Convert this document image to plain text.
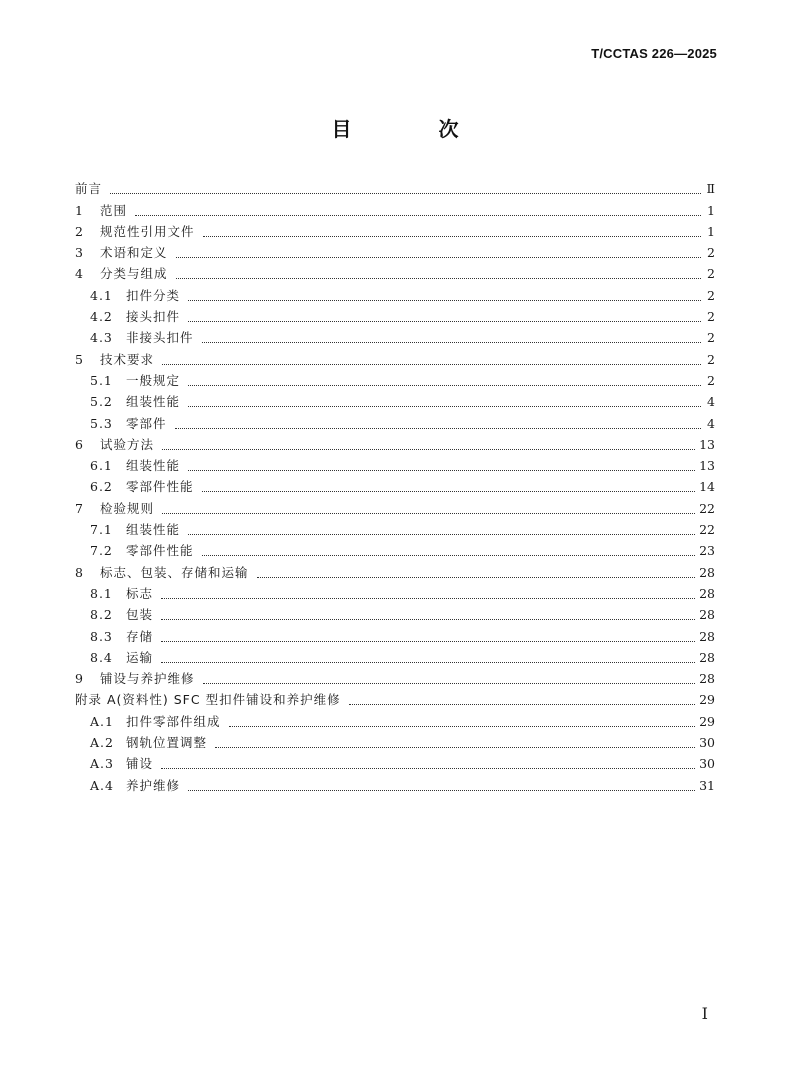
T/CCTAS 226—2025
目 次
前言	Ⅱ
1	范围	1
2	规范性引用文件	1
3	术语和定义	2
4	分类与组成	2
4.1	扣件分类	2
4.2	接头扣件	2
4.3	非接头扣件	2
5	技术要求	2
5.1	一般规定	2
5.2	组装性能	4
5.3	零部件	4
6	试验方法	13
6.1	组装性能	13
6.2	零部件性能	14
7	检验规则	22
7.1	组装性能	22
7.2	零部件性能	23
8	标志、包装、存储和运输	28
8.1	标志	28
8.2	包装	28
8.3	存储	28
8.4	运输	28
9	铺设与养护维修	28
附录 A(资料性) SFC 型扣件铺设和养护维修	29
A.1 扣件零部件组成	29
A.2 钢轨位置调整	30
A.3 铺设	30
A.4 养护维修	31
I
